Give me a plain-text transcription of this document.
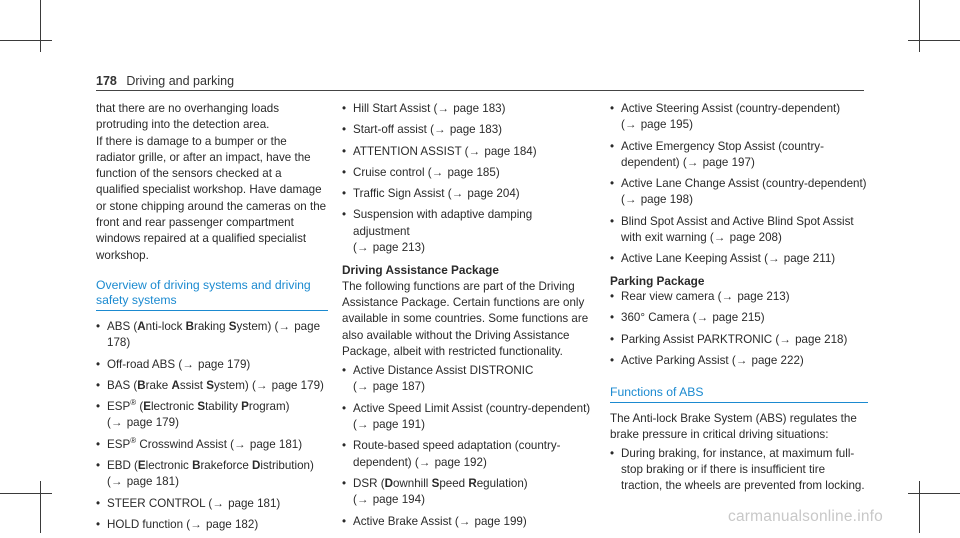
178 Driving and parking

that there are no overhanging loads protruding into the detection area.

If there is damage to a bumper or the radiator grille, or after an impact, have the function of the sensors checked at a qualified specialist workshop. Have damage or stone chipping around the cameras on the front and rear passenger compartment windows repaired at a qualified specialist workshop.

Overview of driving systems and driving safety systems
• ABS (Anti-lock Braking System) (→ page 178)
• Off-road ABS (→ page 179)
• BAS (Brake Assist System) (→ page 179)
• ESP® (Electronic Stability Program)
(→ page 179)
• ESP® Crosswind Assist (→ page 181)
• EBD (Electronic Brakeforce Distribution)
(→ page 181)
• STEER CONTROL (→ page 181)
• HOLD function (→ page 182)
• Hill Start Assist (→ page 183)
• Start-off assist (→ page 183)
• ATTENTION ASSIST (→ page 184)
• Cruise control (→ page 185)
• Traffic Sign Assist (→ page 204)
• Suspension with adaptive damping adjustment
(→ page 213)
Driving Assistance Package

The following functions are part of the Driving Assistance Package. Certain functions are only available in some countries. Some functions are also available without the Driving Assistance Package, albeit with restricted functionality.

• Active Distance Assist DISTRONIC
(→ page 187)
• Active Speed Limit Assist (country-dependent)
(→ page 191)
• Route-based speed adaptation (country-dependent) (→ page 192)
• DSR (Downhill Speed Regulation)
(→ page 194)
• Active Brake Assist (→ page 199)
• Active Steering Assist (country-dependent)
(→ page 195)
• Active Emergency Stop Assist (country-dependent) (→ page 197)
• Active Lane Change Assist (country-dependent) (→ page 198)
• Blind Spot Assist and Active Blind Spot Assist with exit warning (→ page 208)
• Active Lane Keeping Assist (→ page 211)
Parking Package
• Rear view camera (→ page 213)
• 360° Camera (→ page 215)
• Parking Assist PARKTRONIC (→ page 218)
• Active Parking Assist (→ page 222)
Functions of ABS

The Anti-lock Brake System (ABS) regulates the brake pressure in critical driving situations:

• During braking, for instance, at maximum full-stop braking or if there is insufficient tire traction, the wheels are prevented from locking.
carmanualsonline.info
